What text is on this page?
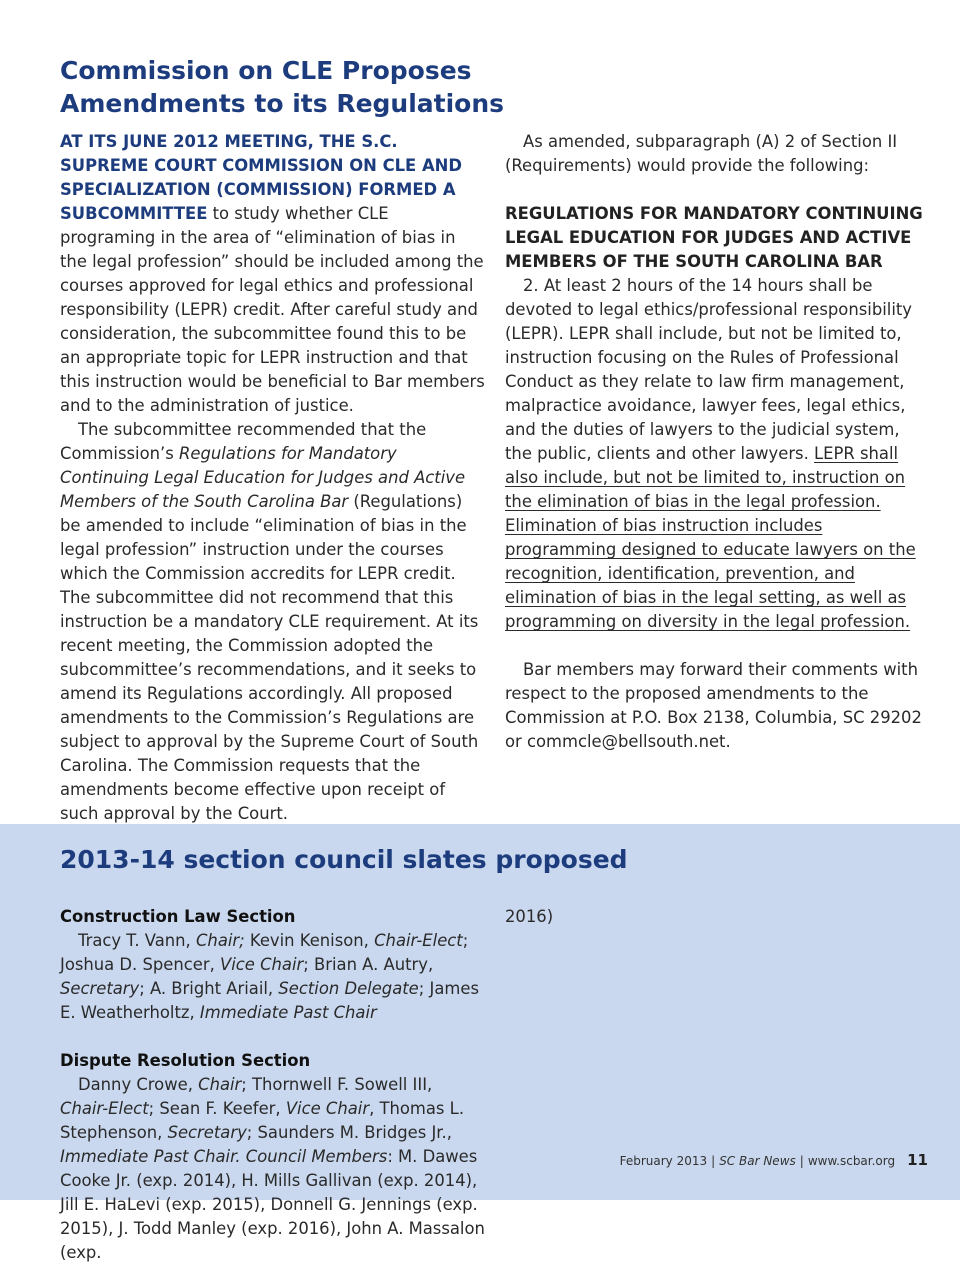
Commission on CLE Proposes Amendments to its Regulations

AT ITS JUNE 2012 MEETING, THE S.C. SUPREME COURT COMMISSION ON CLE AND SPECIALIZATION (COMMISSION) FORMED A SUBCOMMITTEE to study whether CLE programing in the area of “elimination of bias in the legal profession” should be included among the courses approved for legal ethics and professional responsibility (LEPR) credit. After careful study and consideration, the subcommittee found this to be an appropriate topic for LEPR instruction and that this instruction would be beneficial to Bar members and to the administration of justice.

The subcommittee recommended that the Commission’s Regulations for Mandatory Continuing Legal Education for Judges and Active Members of the South Carolina Bar (Regulations) be amended to include “elimination of bias in the legal profession” instruction under the courses which the Commission accredits for LEPR credit. The subcommittee did not recommend that this instruction be a mandatory CLE requirement. At its recent meeting, the Commission adopted the subcommittee’s recommendations, and it seeks to amend its Regulations accordingly. All proposed amendments to the Commission’s Regulations are subject to approval by the Supreme Court of South Carolina. The Commission requests that the amendments become effective upon receipt of such approval by the Court.

As amended, subparagraph (A) 2 of Section II (Requirements) would provide the following:

REGULATIONS FOR MANDATORY CONTINUING LEGAL EDUCATION FOR JUDGES AND ACTIVE MEMBERS OF THE SOUTH CAROLINA BAR

2. At least 2 hours of the 14 hours shall be devoted to legal ethics/professional responsibility (LEPR). LEPR shall include, but not be limited to, instruction focusing on the Rules of Professional Conduct as they relate to law firm management, malpractice avoidance, lawyer fees, legal ethics, and the duties of lawyers to the judicial system, the public, clients and other lawyers. LEPR shall also include, but not be limited to, instruction on the elimination of bias in the legal profession. Elimination of bias instruction includes programming designed to educate lawyers on the recognition, identification, prevention, and elimination of bias in the legal setting, as well as programming on diversity in the legal profession.

Bar members may forward their comments with respect to the proposed amendments to the Commission at P.O. Box 2138, Columbia, SC 29202 or commcle@bellsouth.net.

2013-14 section council slates proposed

Construction Law Section

Tracy T. Vann, Chair; Kevin Kenison, Chair-Elect; Joshua D. Spencer, Vice Chair; Brian A. Autry, Secretary; A. Bright Ariail, Section Delegate; James E. Weatherholtz, Immediate Past Chair

Dispute Resolution Section

Danny Crowe, Chair; Thornwell F. Sowell III, Chair-Elect; Sean F. Keefer, Vice Chair, Thomas L. Stephenson, Secretary; Saunders M. Bridges Jr., Immediate Past Chair. Council Members: M. Dawes Cooke Jr. (exp. 2014), H. Mills Gallivan (exp. 2014), Jill E. HaLevi (exp. 2015), Donnell G. Jennings (exp. 2015), J. Todd Manley (exp. 2016), John A. Massalon (exp.

February 2013 | SC Bar News | www.scbar.org 11

2016)
